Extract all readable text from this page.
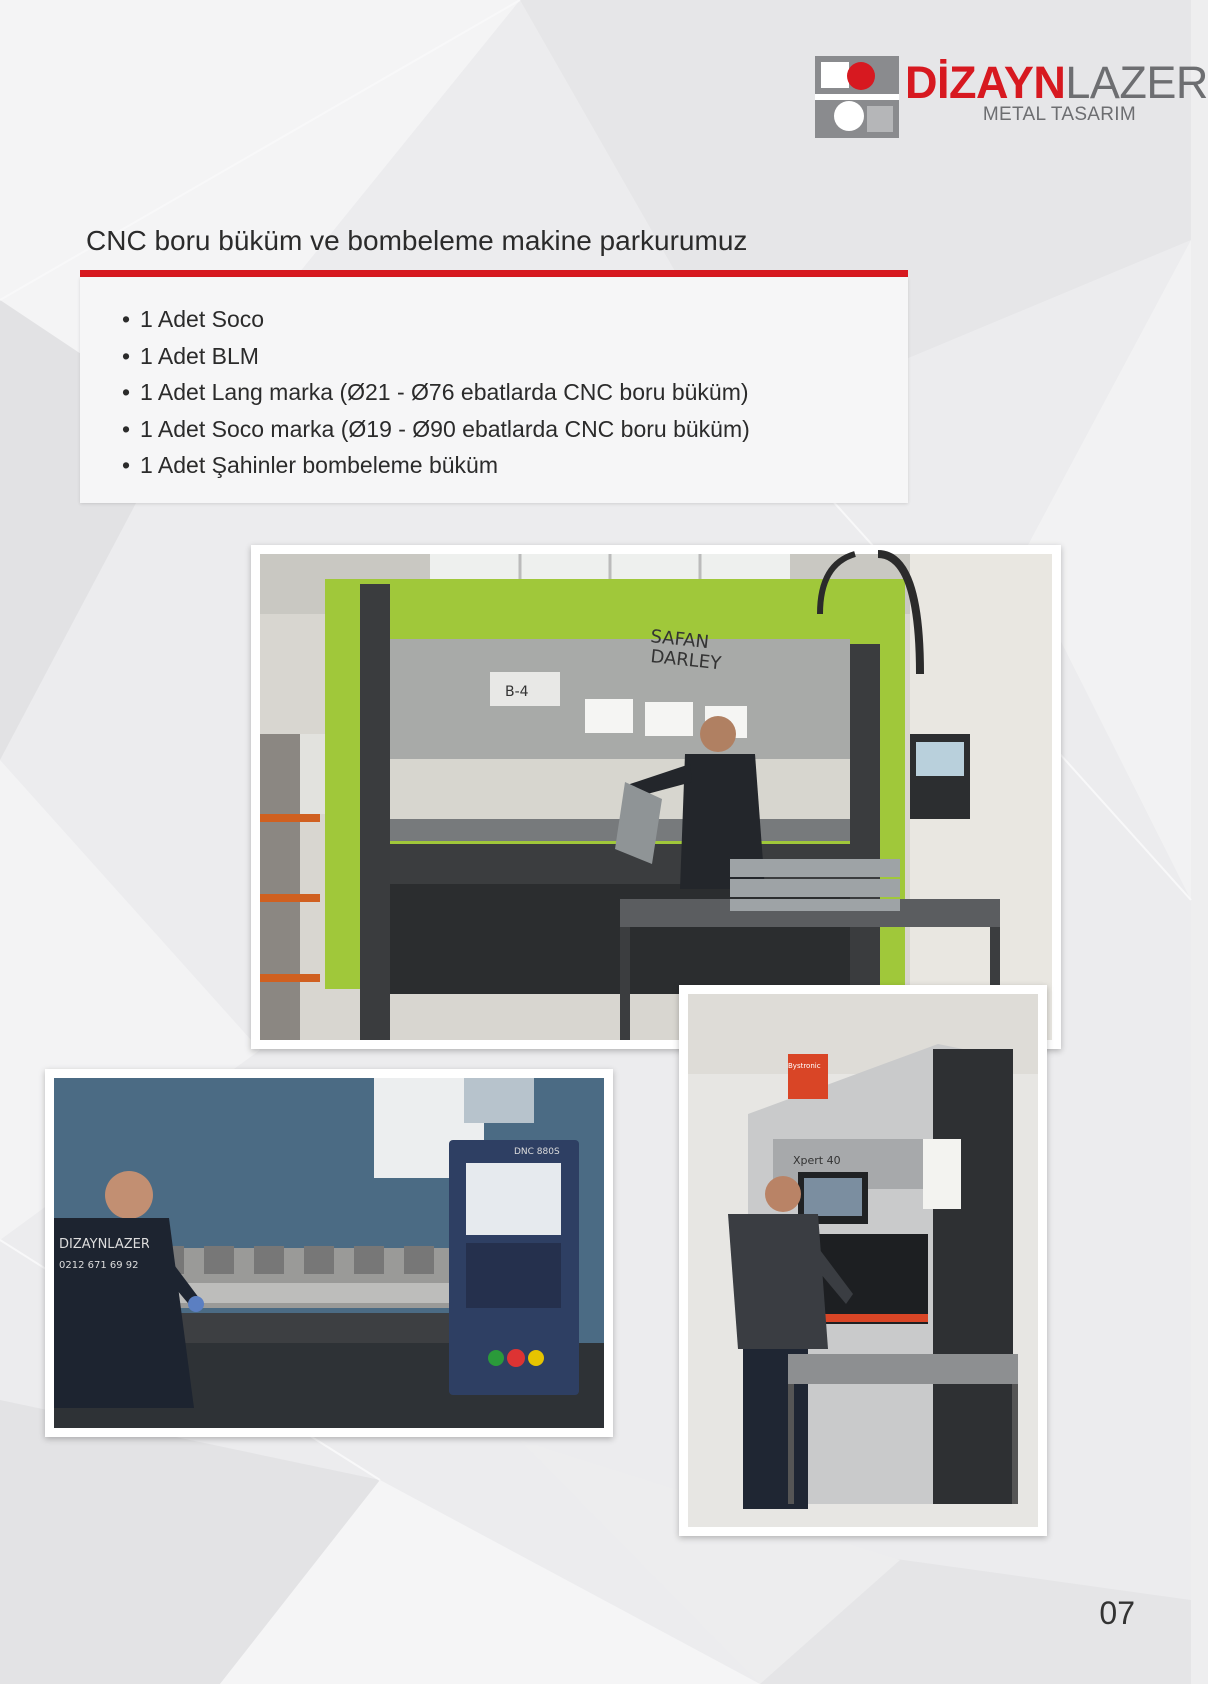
DİZAYNLAZER
METAL TASARIM
CNC boru büküm ve bombeleme makine parkurumuz
• 1 Adet Soco
• 1 Adet BLM
• 1 Adet Lang marka (Ø21 - Ø76 ebatlarda CNC boru büküm)
• 1 Adet Soco marka (Ø19 - Ø90 ebatlarda CNC boru büküm)
• 1 Adet Şahinler bombeleme büküm
SAFAN
DARLEY
B-4
DNC 880S
DIZAYNLAZER
0212 671 69 92
Bystronic
Xpert 40
07
